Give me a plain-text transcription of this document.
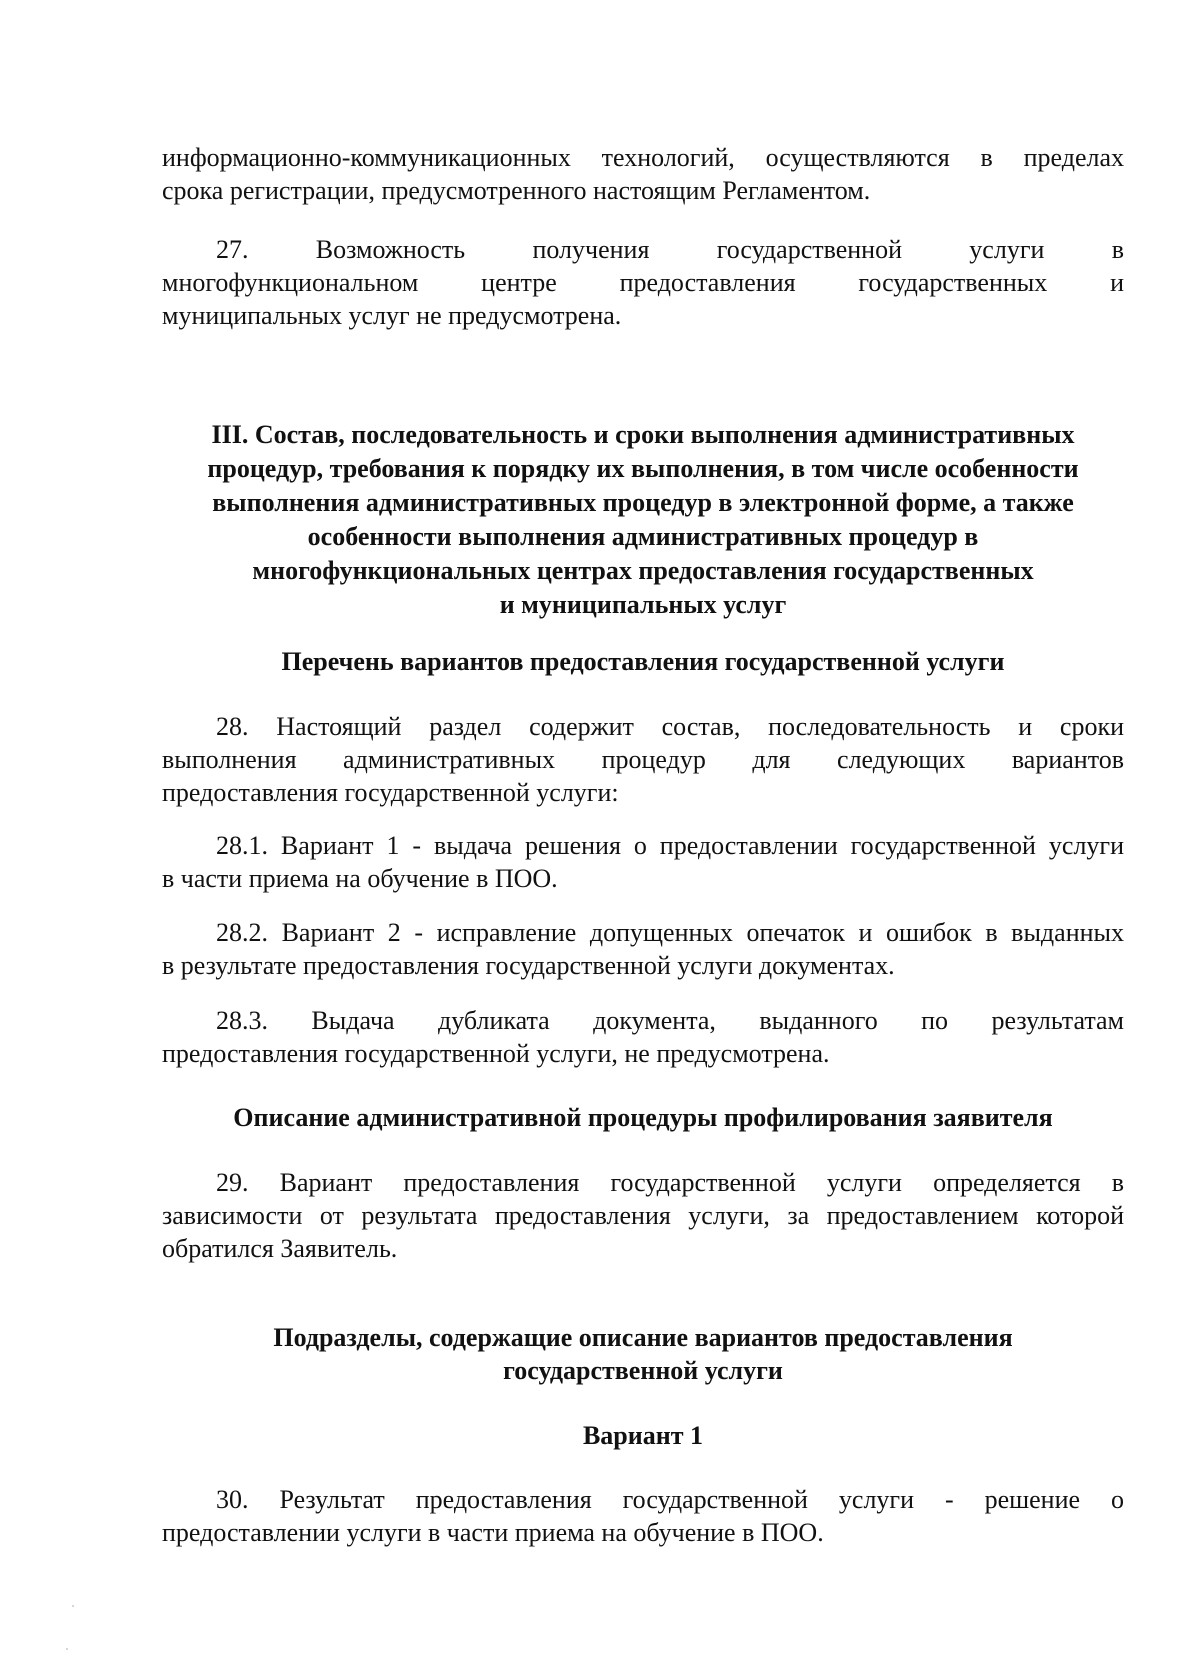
информационно-коммуникационных технологий, осуществляются в пределах
срока регистрации, предусмотренного настоящим Регламентом.
27. Возможность получения государственной услуги в
многофункциональном центре предоставления государственных и
муниципальных услуг не предусмотрена.
III. Состав, последовательность и сроки выполнения административных
процедур, требования к порядку их выполнения, в том числе особенности
выполнения административных процедур в электронной форме, а также
особенности выполнения административных процедур в
многофункциональных центрах предоставления государственных
и муниципальных услуг
Перечень вариантов предоставления государственной услуги
28. Настоящий раздел содержит состав, последовательность и сроки
выполнения административных процедур для следующих вариантов
предоставления государственной услуги:
28.1. Вариант 1 - выдача решения о предоставлении государственной услуги
в части приема на обучение в ПОО.
28.2. Вариант 2 - исправление допущенных опечаток и ошибок в выданных
в результате предоставления государственной услуги документах.
28.3. Выдача дубликата документа, выданного по результатам
предоставления государственной услуги, не предусмотрена.
Описание административной процедуры профилирования заявителя
29. Вариант предоставления государственной услуги определяется в
зависимости от результата предоставления услуги, за предоставлением которой
обратился Заявитель.
Подразделы, содержащие описание вариантов предоставления
государственной услуги
Вариант 1
30. Результат предоставления государственной услуги - решение о
предоставлении услуги в части приема на обучение в ПОО.
